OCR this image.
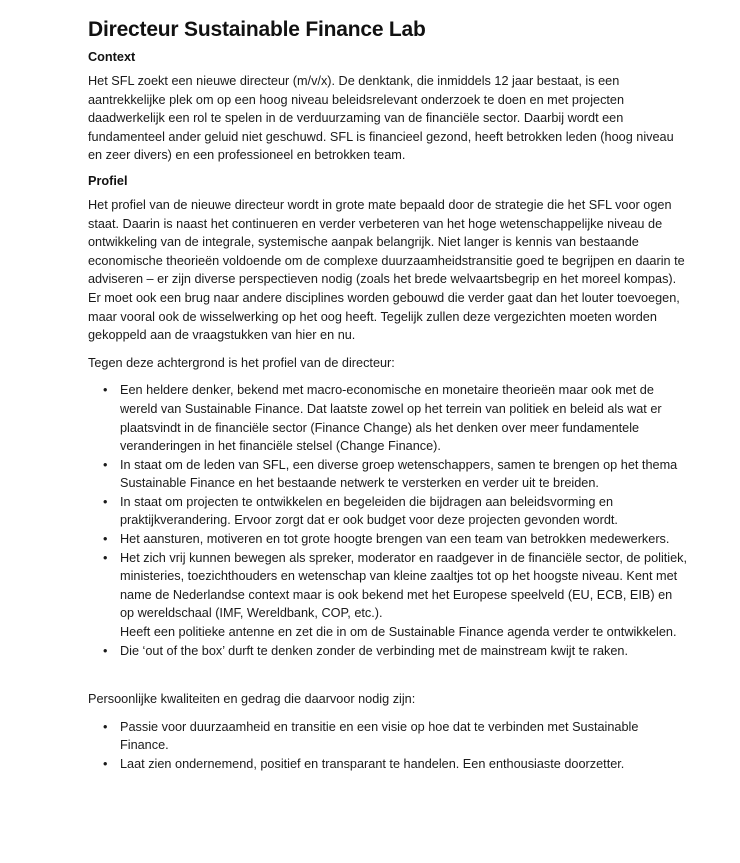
Directeur Sustainable Finance Lab
Context

Het SFL zoekt een nieuwe directeur (m/v/x). De denktank, die inmiddels 12 jaar bestaat, is een aantrekkelijke plek om op een hoog niveau beleidsrelevant onderzoek te doen en met projecten daadwerkelijk een rol te spelen in de verduurzaming van de financiële sector. Daarbij wordt een fundamenteel ander geluid niet geschuwd. SFL is financieel gezond, heeft betrokken leden (hoog niveau en zeer divers) en een professioneel en betrokken team.

Profiel

Het profiel van de nieuwe directeur wordt in grote mate bepaald door de strategie die het SFL voor ogen staat. Daarin is naast het continueren en verder verbeteren van het hoge wetenschappelijke niveau de ontwikkeling van de integrale, systemische aanpak belangrijk. Niet langer is kennis van bestaande economische theorieën voldoende om de complexe duurzaamheidstransitie goed te begrijpen en daarin te adviseren – er zijn diverse perspectieven nodig (zoals het brede welvaartsbegrip en het moreel kompas). Er moet ook een brug naar andere disciplines worden gebouwd die verder gaat dan het louter toevoegen, maar vooral ook de wisselwerking op het oog heeft. Tegelijk zullen deze vergezichten moeten worden gekoppeld aan de vraagstukken van hier en nu.

Tegen deze achtergrond is het profiel van de directeur:

• Een heldere denker, bekend met macro-economische en monetaire theorieën maar ook met de wereld van Sustainable Finance. Dat laatste zowel op het terrein van politiek en beleid als wat er plaatsvindt in de financiële sector (Finance Change) als het denken over meer fundamentele veranderingen in het financiële stelsel (Change Finance).
• In staat om de leden van SFL, een diverse groep wetenschappers, samen te brengen op het thema Sustainable Finance en het bestaande netwerk te versterken en verder uit te breiden.
• In staat om projecten te ontwikkelen en begeleiden die bijdragen aan beleidsvorming en praktijkverandering. Ervoor zorgt dat er ook budget voor deze projecten gevonden wordt.
• Het aansturen, motiveren en tot grote hoogte brengen van een team van betrokken medewerkers.
• Het zich vrij kunnen bewegen als spreker, moderator en raadgever in de financiële sector, de politiek, ministeries, toezichthouders en wetenschap van kleine zaaltjes tot op het hoogste niveau. Kent met name de Nederlandse context maar is ook bekend met het Europese speelveld (EU, ECB, EIB) en op wereldschaal (IMF, Wereldbank, COP, etc.).
Heeft een politieke antenne en zet die in om de Sustainable Finance agenda verder te ontwikkelen.
• Die ‘out of the box’ durft te denken zonder de verbinding met de mainstream kwijt te raken.

Persoonlijke kwaliteiten en gedrag die daarvoor nodig zijn:

• Passie voor duurzaamheid en transitie en een visie op hoe dat te verbinden met Sustainable Finance.
• Laat zien ondernemend, positief en transparant te handelen. Een enthousiaste doorzetter.
